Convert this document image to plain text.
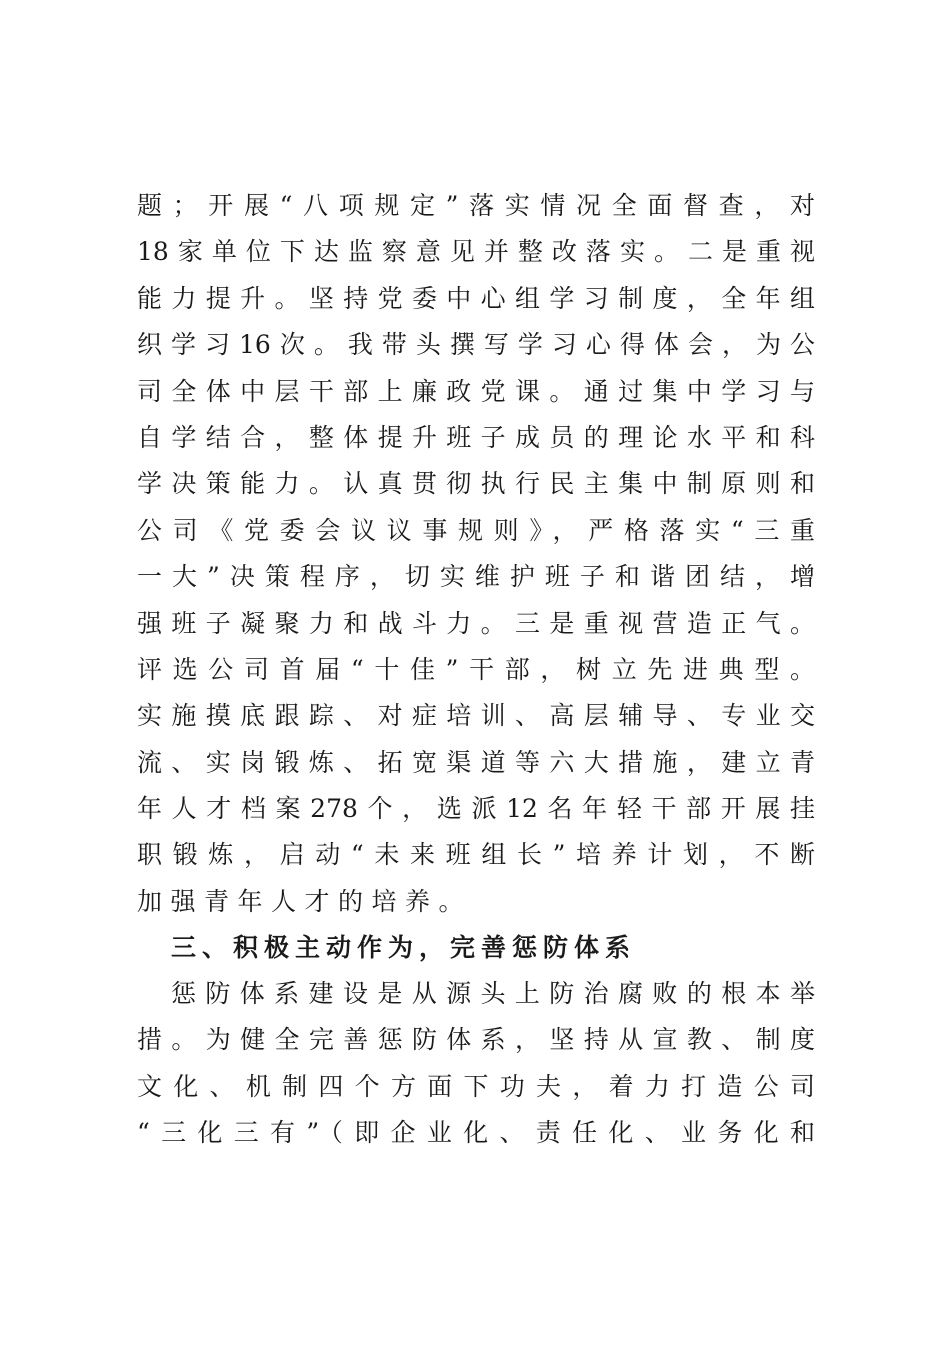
题；开展“八项规定”落实情况全面督查，对
18家单位下达监察意见并整改落实。二是重视
能力提升。坚持党委中心组学习制度，全年组
织学习16次。我带头撰写学习心得体会，为公
司全体中层干部上廉政党课。通过集中学习与
自学结合，整体提升班子成员的理论水平和科
学决策能力。认真贯彻执行民主集中制原则和
公司《党委会议议事规则》，严格落实“三重
一大”决策程序，切实维护班子和谐团结，增
强班子凝聚力和战斗力。三是重视营造正气。
评选公司首届“十佳”干部，树立先进典型。
实施摸底跟踪、对症培训、高层辅导、专业交
流、实岗锻炼、拓宽渠道等六大措施，建立青
年人才档案278个，选派12名年轻干部开展挂
职锻炼，启动“未来班组长”培养计划，不断
加强青年人才的培养。
三、积极主动作为，完善惩防体系
惩防体系建设是从源头上防治腐败的根本举
措。为健全完善惩防体系，坚持从宣教、制度
文化、机制四个方面下功夫，着力打造公司
“三化三有”（即企业化、责任化、业务化和
